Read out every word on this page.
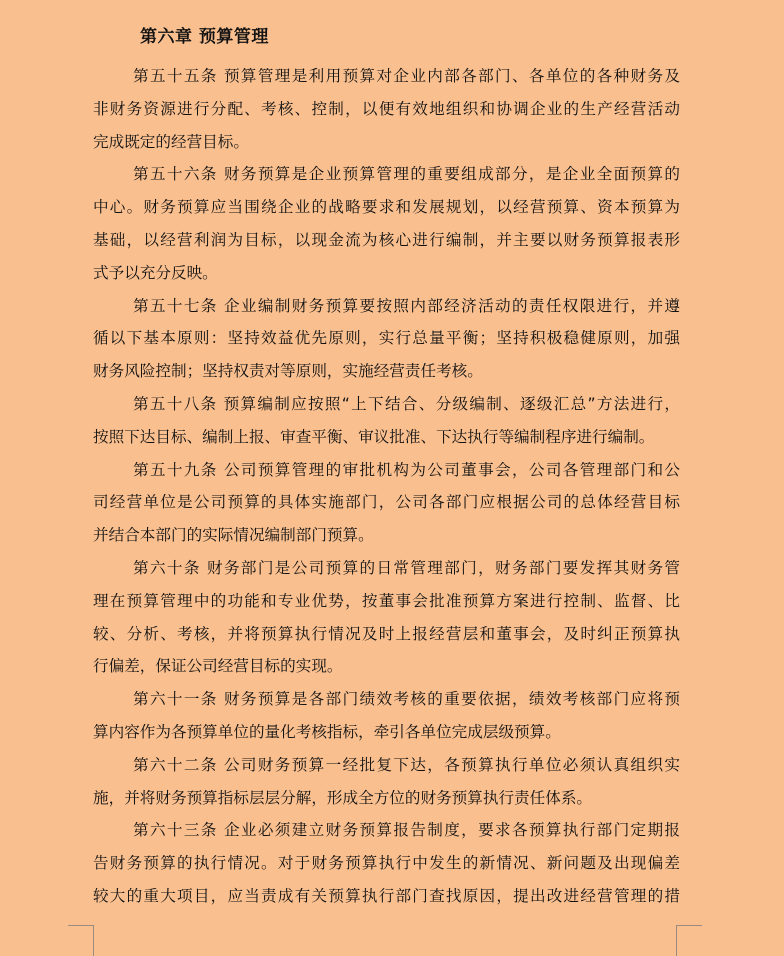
第六章 预算管理
第五十五条 预算管理是利用预算对企业内部各部门、各单位的各种财务及
非财务资源进行分配、考核、控制，以便有效地组织和协调企业的生产经营活动
完成既定的经营目标。
第五十六条 财务预算是企业预算管理的重要组成部分，是企业全面预算的
中心。财务预算应当围绕企业的战略要求和发展规划，以经营预算、资本预算为
基础，以经营利润为目标，以现金流为核心进行编制，并主要以财务预算报表形
式予以充分反映。
第五十七条 企业编制财务预算要按照内部经济活动的责任权限进行，并遵
循以下基本原则：坚持效益优先原则，实行总量平衡；坚持积极稳健原则，加强
财务风险控制；坚持权责对等原则，实施经营责任考核。
第五十八条 预算编制应按照“上下结合、分级编制、逐级汇总”方法进行，
按照下达目标、编制上报、审查平衡、审议批准、下达执行等编制程序进行编制。
第五十九条 公司预算管理的审批机构为公司董事会，公司各管理部门和公
司经营单位是公司预算的具体实施部门，公司各部门应根据公司的总体经营目标
并结合本部门的实际情况编制部门预算。
第六十条 财务部门是公司预算的日常管理部门，财务部门要发挥其财务管
理在预算管理中的功能和专业优势，按董事会批准预算方案进行控制、监督、比
较、分析、考核，并将预算执行情况及时上报经营层和董事会，及时纠正预算执
行偏差，保证公司经营目标的实现。
第六十一条 财务预算是各部门绩效考核的重要依据，绩效考核部门应将预
算内容作为各预算单位的量化考核指标，牵引各单位完成层级预算。
第六十二条 公司财务预算一经批复下达，各预算执行单位必须认真组织实
施，并将财务预算指标层层分解，形成全方位的财务预算执行责任体系。
第六十三条 企业必须建立财务预算报告制度，要求各预算执行部门定期报
告财务预算的执行情况。对于财务预算执行中发生的新情况、新问题及出现偏差
较大的重大项目，应当责成有关预算执行部门查找原因，提出改进经营管理的措
